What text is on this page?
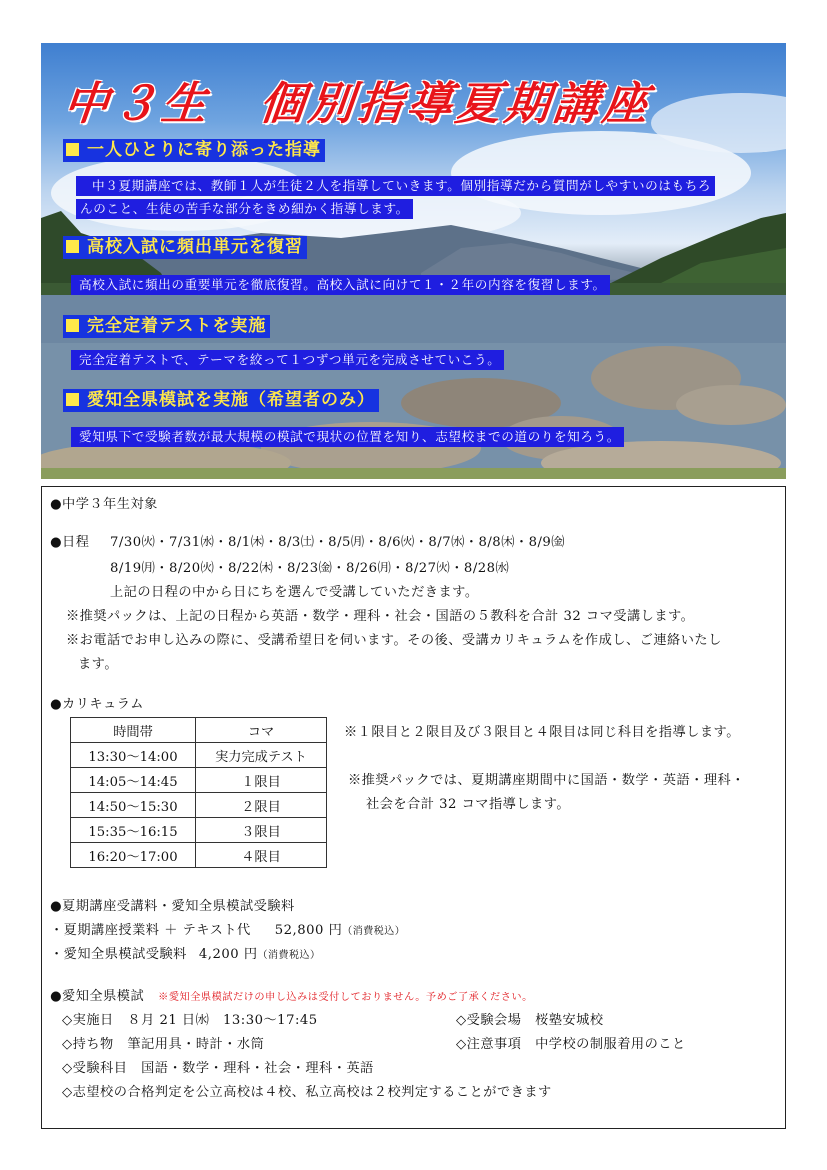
中３生　個別指導夏期講座
一人ひとりに寄り添った指導
中３夏期講座では、教師１人が生徒２人を指導していきます。個別指導だから質問がしやすいのはもちろ
んのこと、生徒の苦手な部分をきめ細かく指導します。
高校入試に頻出単元を復習
高校入試に頻出の重要単元を徹底復習。高校入試に向けて１・２年の内容を復習します。
完全定着テストを実施
完全定着テストで、テーマを絞って１つずつ単元を完成させていこう。
愛知全県模試を実施（希望者のみ）
愛知県下で受験者数が最大規模の模試で現状の位置を知り、志望校までの道のりを知ろう。
●中学３年生対象
●日程 7/30㈫・7/31㈬・8/1㈭・8/3㈯・8/5㈪・8/6㈫・8/7㈬・8/8㈭・8/9㈮
8/19㈪・8/20㈫・8/22㈭・8/23㈮・8/26㈪・8/27㈫・8/28㈬
上記の日程の中から日にちを選んで受講していただきます。
※推奨パックは、上記の日程から英語・数学・理科・社会・国語の５教科を合計 32 コマ受講します。
※お電話でお申し込みの際に、受講希望日を伺います。その後、受講カリキュラムを作成し、ご連絡いたし
ます。
●カリキュラム
時間帯	コマ
13:30～14:00	実力完成テスト
14:05～14:45	１限目
14:50～15:30	２限目
15:35～16:15	３限目
16:20～17:00	４限目
※１限目と２限目及び３限目と４限目は同じ科目を指導します。
※推奨パックでは、夏期講座期間中に国語・数学・英語・理科・
社会を合計 32 コマ指導します。
●夏期講座受講料・愛知全県模試受験料
・夏期講座授業料 ＋ テキスト代 52,800 円（消費税込）
・愛知全県模試受験料 4,200 円（消費税込）
●愛知全県模試 ※愛知全県模試だけの申し込みは受付しておりません。予めご了承ください。
◇実施日　８月 21 日㈬　13:30～17:45	◇受験会場　桜塾安城校
◇持ち物　筆記用具・時計・水筒	◇注意事項　中学校の制服着用のこと
◇受験科目　国語・数学・理科・社会・理科・英語
◇志望校の合格判定を公立高校は４校、私立高校は２校判定することができます
